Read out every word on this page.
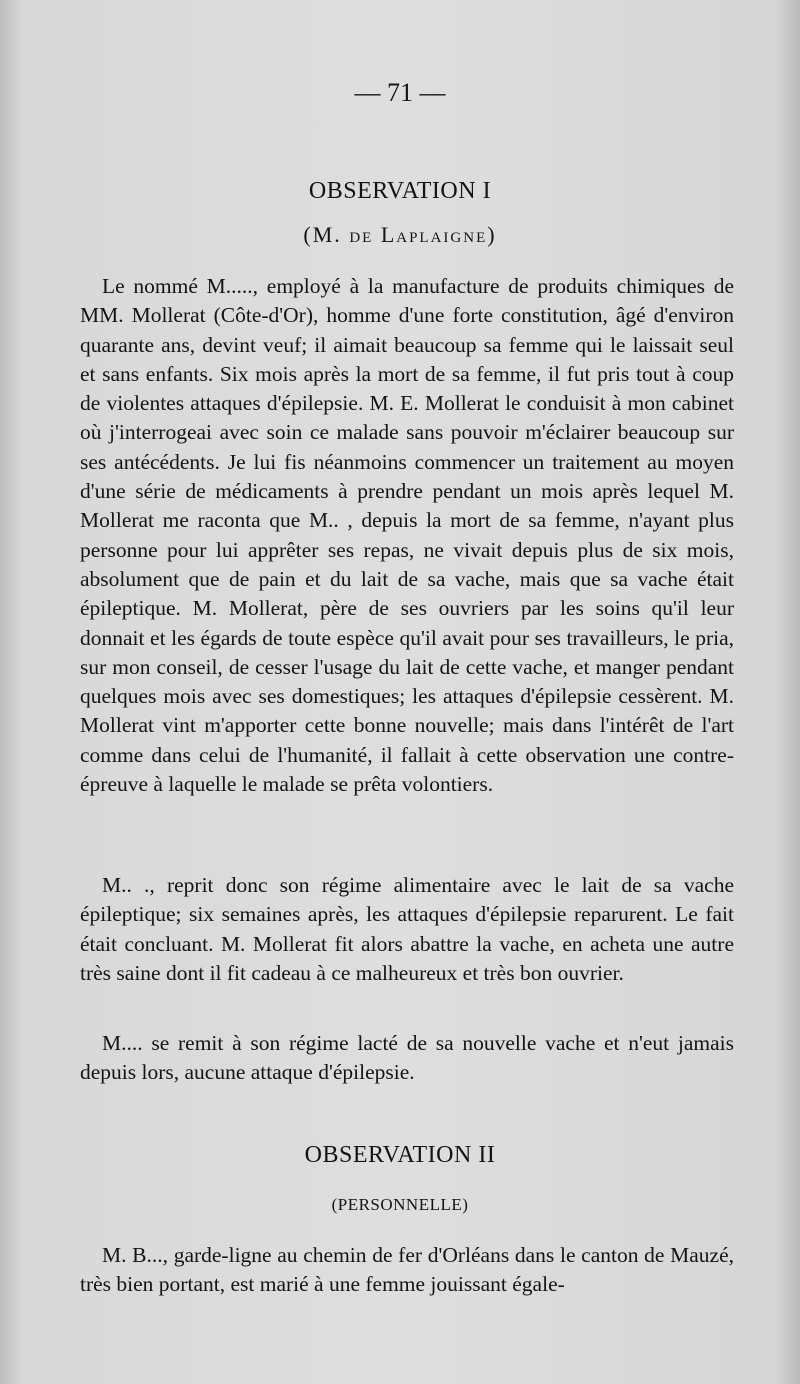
— 71 —
OBSERVATION I
(M. de Laplaigne)

Le nommé M....., employé à la manufacture de produits chimiques de MM. Mollerat (Côte-d'Or), homme d'une forte constitution, âgé d'environ quarante ans, devint veuf; il aimait beaucoup sa femme qui le laissait seul et sans enfants. Six mois après la mort de sa femme, il fut pris tout à coup de violentes attaques d'épilepsie. M. E. Mollerat le conduisit à mon cabinet où j'interrogeai avec soin ce malade sans pouvoir m'éclairer beaucoup sur ses antécédents. Je lui fis néanmoins commencer un traitement au moyen d'une série de médicaments à prendre pendant un mois après lequel M. Mollerat me raconta que M.. , depuis la mort de sa femme, n'ayant plus personne pour lui apprêter ses repas, ne vivait depuis plus de six mois, absolument que de pain et du lait de sa vache, mais que sa vache était épileptique. M. Mollerat, père de ses ouvriers par les soins qu'il leur donnait et les égards de toute espèce qu'il avait pour ses travailleurs, le pria, sur mon conseil, de cesser l'usage du lait de cette vache, et manger pendant quelques mois avec ses domestiques; les attaques d'épilepsie cessèrent. M. Mollerat vint m'apporter cette bonne nouvelle; mais dans l'intérêt de l'art comme dans celui de l'humanité, il fallait à cette observation une contre-épreuve à laquelle le malade se prêta volontiers.

M.. ., reprit donc son régime alimentaire avec le lait de sa vache épileptique; six semaines après, les attaques d'épilepsie reparurent. Le fait était concluant. M. Mollerat fit alors abattre la vache, en acheta une autre très saine dont il fit cadeau à ce malheureux et très bon ouvrier.

M.... se remit à son régime lacté de sa nouvelle vache et n'eut jamais depuis lors, aucune attaque d'épilepsie.

OBSERVATION II
(PERSONNELLE)

M. B..., garde-ligne au chemin de fer d'Orléans dans le canton de Mauzé, très bien portant, est marié à une femme jouissant égale-
